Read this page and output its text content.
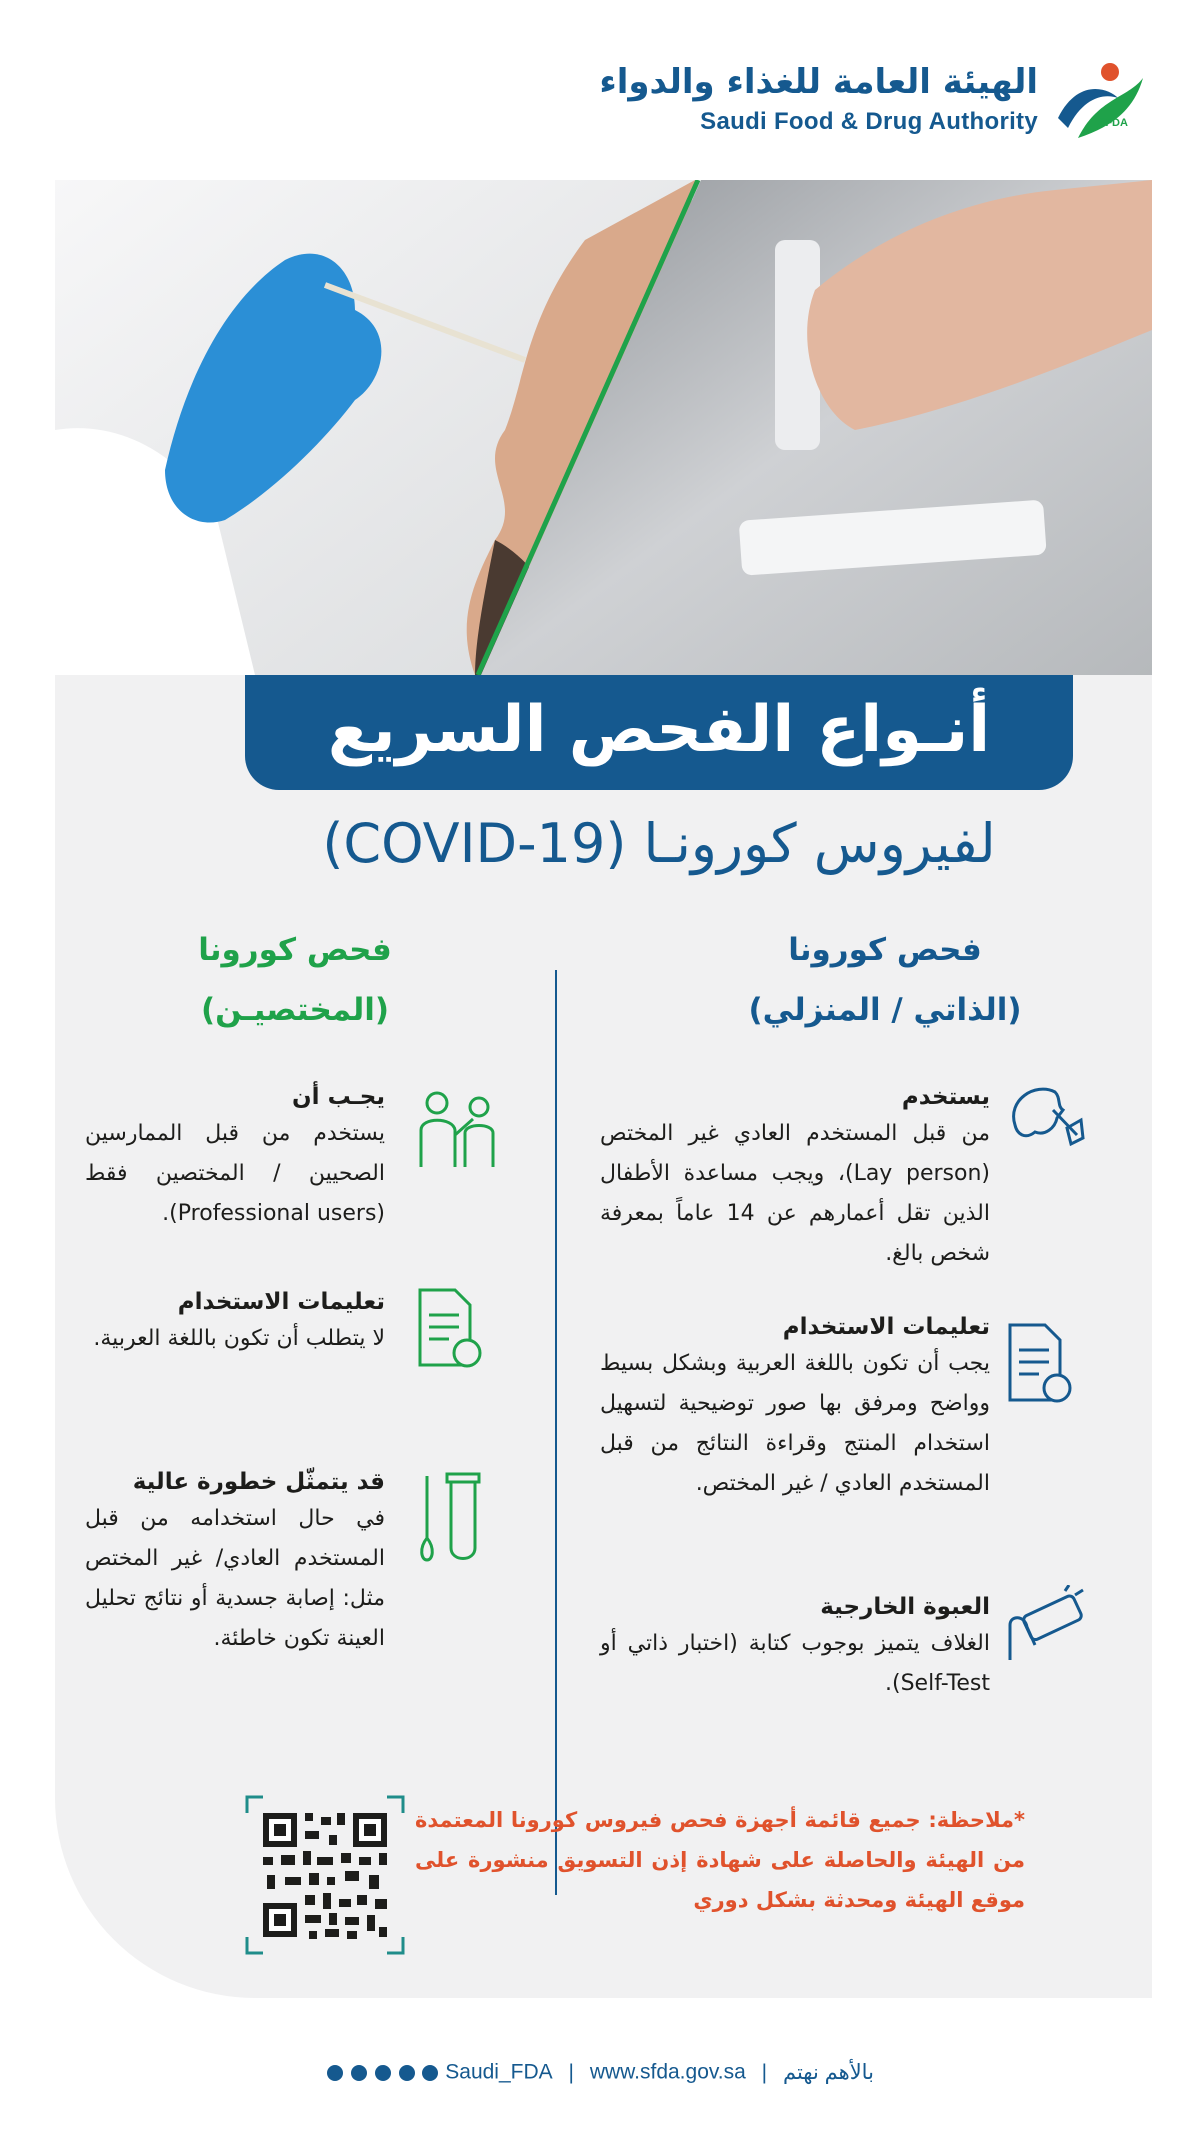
الهيئة العامة للغذاء والدواء
Saudi Food & Drug Authority	SFDA
أنـواع الفحص السريع
لفيروس كورونـا (COVID-19)
فحص كورونا
(الذاتي / المنزلي)
فحص كورونا
(المختصيـن)
يستخدم

من قبل المستخدم العادي غير المختص (Lay person)، ويجب مساعدة الأطفال الذين تقل أعمارهم عن 14 عاماً بمعرفة شخص بالغ.

تعليمات الاستخدام

يجب أن تكون باللغة العربية وبشكل بسيط وواضح ومرفق بها صور توضيحية لتسهيل استخدام المنتج وقراءة النتائج من قبل المستخدم العادي / غير المختص.

العبوة الخارجية

الغلاف يتميز بوجوب كتابة (اختبار ذاتي أو Self-Test).

يجـب أن

يستخدم من قبل الممارسين الصحيين / المختصين فقط (Professional users).

تعليمات الاستخدام

لا يتطلب أن تكون باللغة العربية.

قد يتمثّل خطورة عالية

في حال استخدامه من قبل المستخدم العادي/ غير المختص مثل: إصابة جسدية أو نتائج تحليل العينة تكون خاطئة.

*ملاحظة: جميع قائمة أجهزة فحص فيروس كورونا المعتمدة من الهيئة والحاصلة على شهادة إذن التسويق منشورة على موقع الهيئة ومحدثة بشكل دوري
Saudi_FDA | www.sfda.gov.sa | بالأهم نهتم
